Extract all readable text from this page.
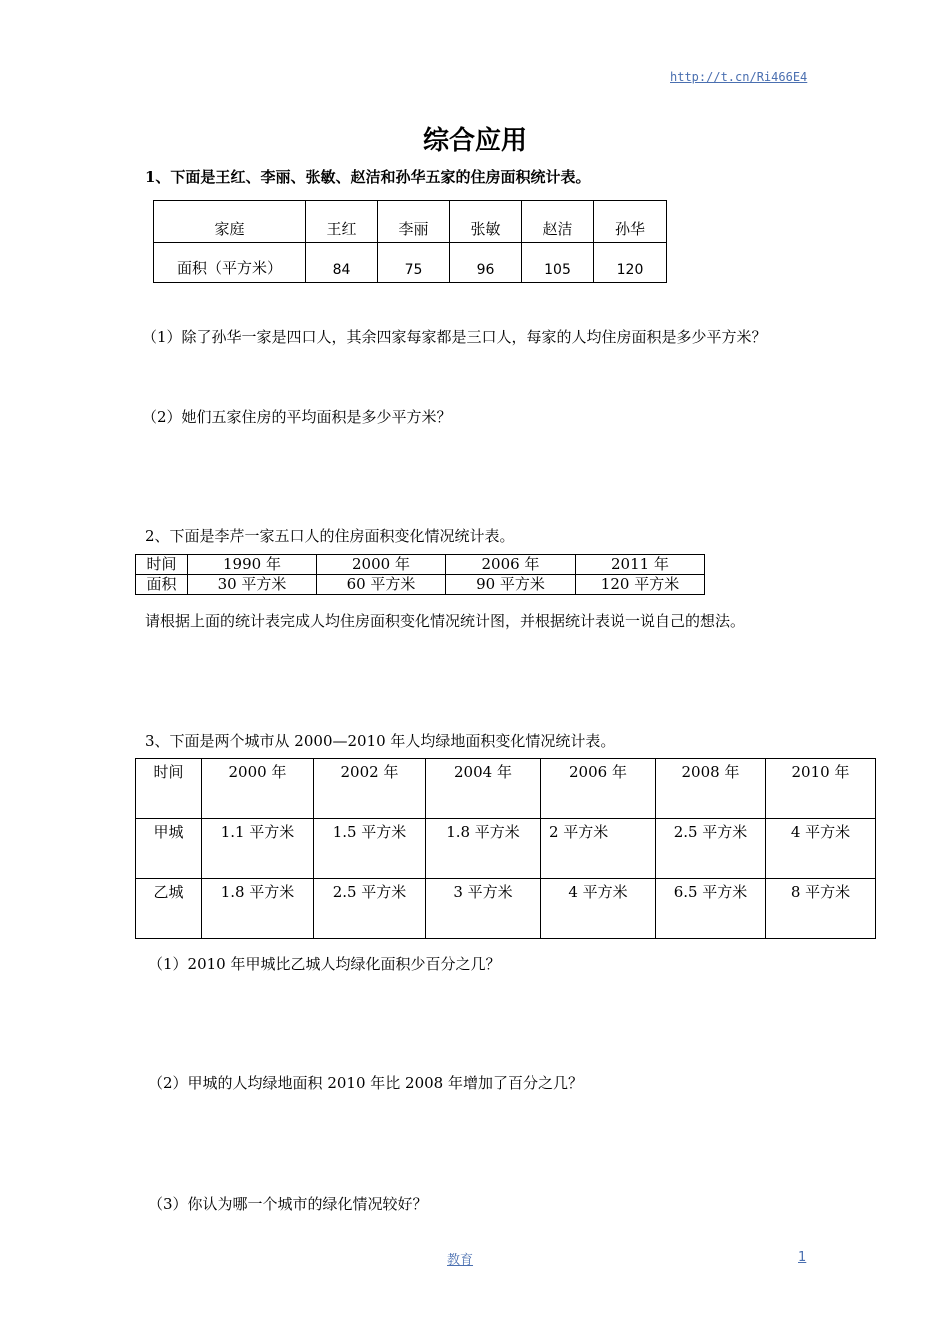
http://t.cn/Ri466E4
综合应用
1、下面是王红、李丽、张敏、赵洁和孙华五家的住房面积统计表。
家庭	王红	李丽	张敏	赵洁	孙华
面积（平方米）	84	75	96	105	120
（1）除了孙华一家是四口人，其余四家每家都是三口人，每家的人均住房面积是多少平方米？
（2）她们五家住房的平均面积是多少平方米？
2、下面是李芹一家五口人的住房面积变化情况统计表。
时间	1990 年	2000 年	2006 年	2011 年
面积	30 平方米	60 平方米	90 平方米	120 平方米
请根据上面的统计表完成人均住房面积变化情况统计图，并根据统计表说一说自己的想法。
3、下面是两个城市从 2000—2010 年人均绿地面积变化情况统计表。
时间	2000 年	2002 年	2004 年	2006 年	2008 年	2010 年
甲城	1.1 平方米	1.5 平方米	1.8 平方米	2 平方米	2.5 平方米	4 平方米
乙城	1.8 平方米	2.5 平方米	3 平方米	4 平方米	6.5 平方米	8 平方米
（1）2010 年甲城比乙城人均绿化面积少百分之几？
（2）甲城的人均绿地面积 2010 年比 2008 年增加了百分之几？
（3）你认为哪一个城市的绿化情况较好？
教育	1
